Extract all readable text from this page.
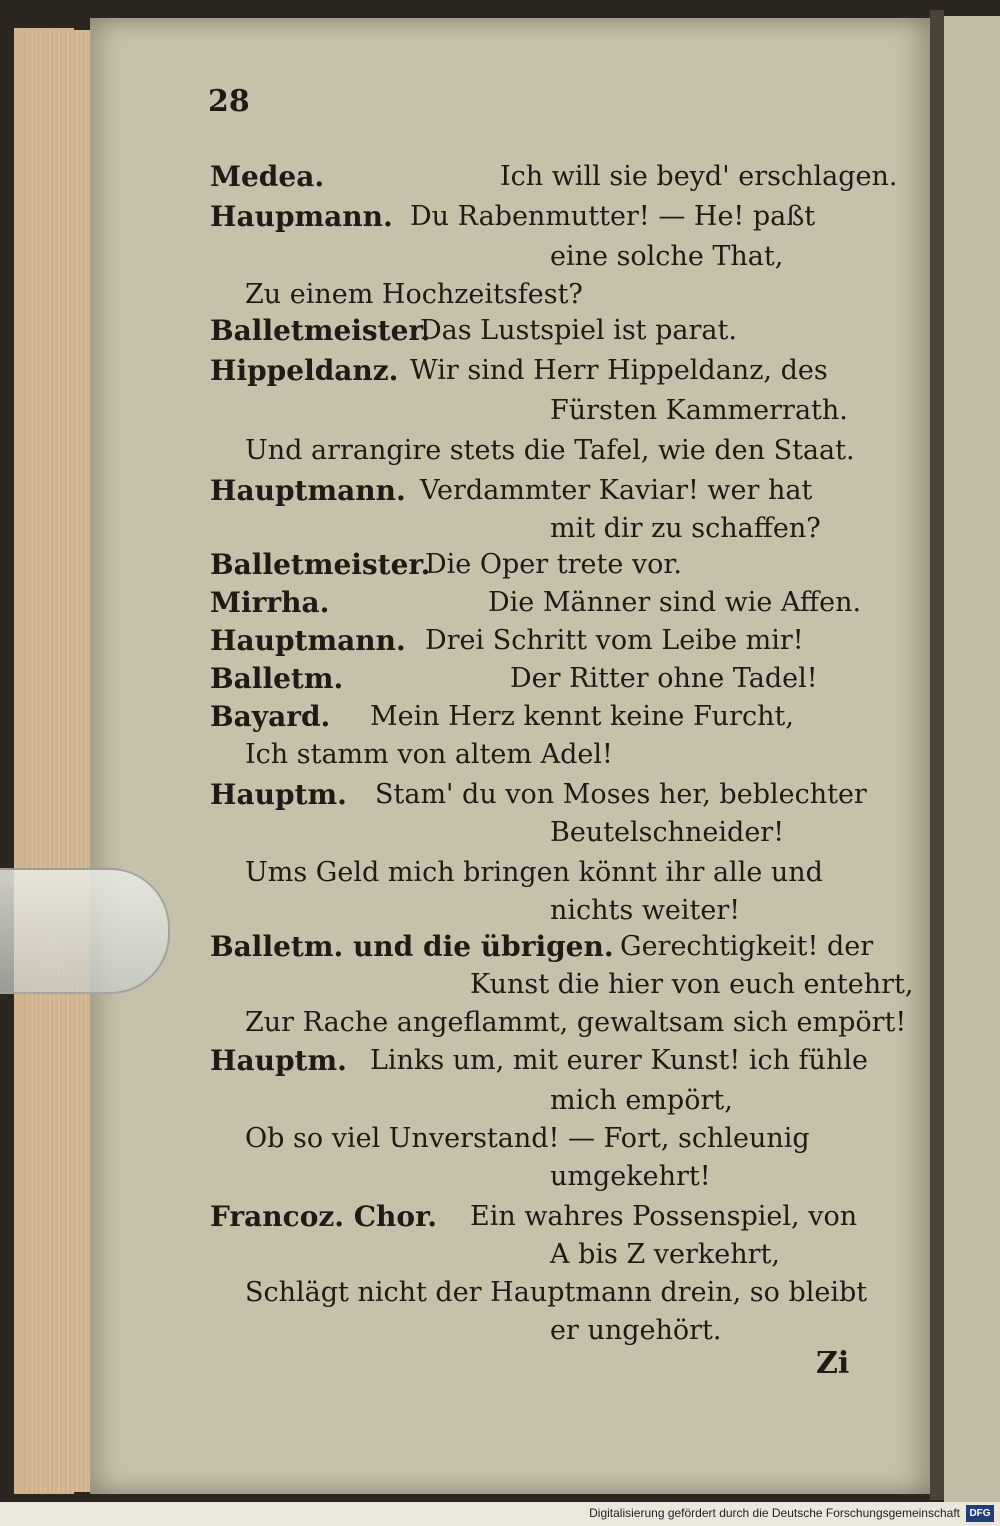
28
Medea.	Ich will sie beyd' erschlagen.
Haupmann. Du Rabenmutter! — He! paßt
eine solche That,
Zu einem Hochzeitsfest?
Balletmeister.
Das Lustspiel ist parat.
Hippeldanz. Wir sind Herr Hippeldanz, des
Fürsten Kammerrath.
Und arrangire stets die Tafel, wie den Staat.
Hauptmann. Verdammter Kaviar! wer hat
mit dir zu schaffen?
Balletmeister.
Die Oper trete vor.
Mirrha.	Die Männer sind wie Affen.
Hauptmann. Drei Schritt vom Leibe mir!
Balletm.	Der Ritter ohne Tadel!
Bayard. Mein Herz kennt keine Furcht,
Ich stamm von altem Adel!
Hauptm. Stam' du von Moses her, beblechter
Beutelschneider!
Ums Geld mich bringen könnt ihr alle und
nichts weiter!
Balletm. und die übrigen. Gerechtigkeit! der
Kunst die hier von euch entehrt,
Zur Rache angeflammt, gewaltsam sich empört!
Hauptm. Links um, mit eurer Kunst! ich fühle
mich empört,
Ob so viel Unverstand! — Fort, schleunig
umgekehrt!
Francoz. Chor. Ein wahres Possenspiel, von
A bis Z verkehrt,
Schlägt nicht der Hauptmann drein, so bleibt
er ungehört.
Zi
Digitalisierung gefördert durch die Deutsche Forschungsgemeinschaft DFG
